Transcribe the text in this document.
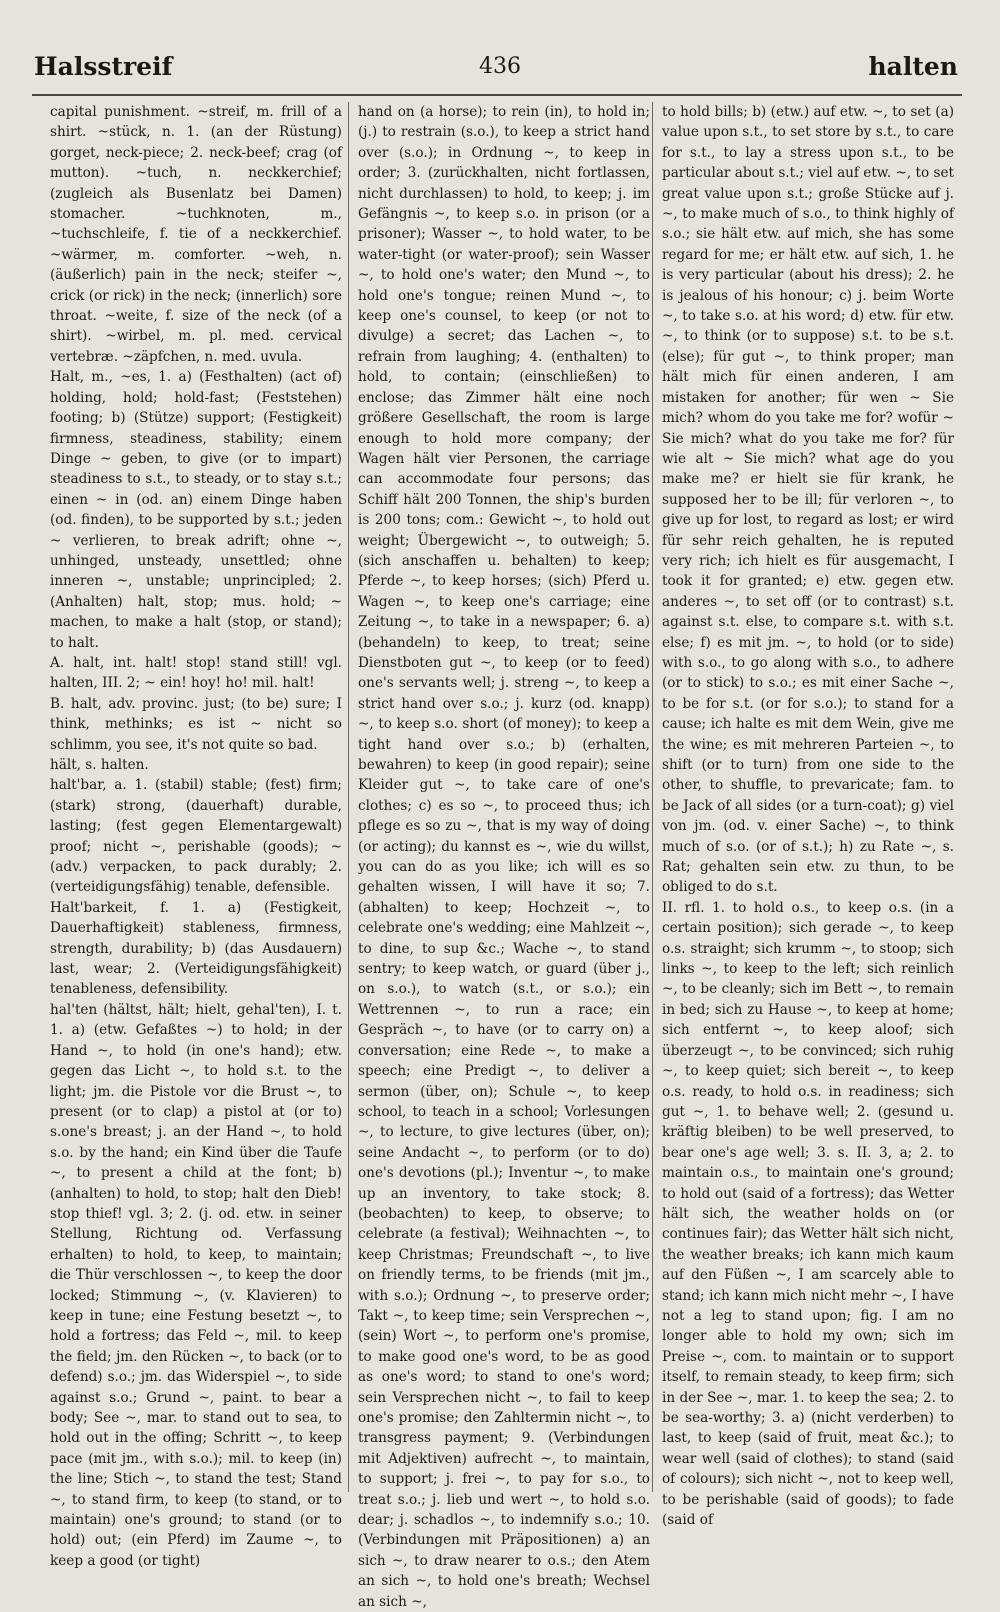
Halsstreif	436	halten

capital punishment. ~streif, m. frill of a shirt. ~stück, n. 1. (an der Rüstung) gorget, neck-piece; 2. neck-beef; crag (of mutton). ~tuch, n. neckkerchief; (zugleich als Busenlatz bei Damen) stomacher. ~tuchknoten, m., ~tuchschleife, f. tie of a neckkerchief. ~wärmer, m. comforter. ~weh, n. (äußerlich) pain in the neck; steifer ~, crick (or rick) in the neck; (innerlich) sore throat. ~weite, f. size of the neck (of a shirt). ~wirbel, m. pl. med. cervical vertebræ. ~zäpfchen, n. med. uvula.

Halt, m., ~es, 1. a) (Festhalten) (act of) holding, hold; hold-fast; (Feststehen) footing; b) (Stütze) support; (Festigkeit) firmness, steadiness, stability; einem Dinge ~ geben, to give (or to impart) steadiness to s.t., to steady, or to stay s.t.; einen ~ in (od. an) einem Dinge haben (od. finden), to be supported by s.t.; jeden ~ verlieren, to break adrift; ohne ~, unhinged, unsteady, unsettled; ohne inneren ~, unstable; unprincipled; 2. (Anhalten) halt, stop; mus. hold; ~ machen, to make a halt (stop, or stand); to halt.

A. halt, int. halt! stop! stand still! vgl. halten, III. 2; ~ ein! hoy! ho! mil. halt!

B. halt, adv. provinc. just; (to be) sure; I think, methinks; es ist ~ nicht so schlimm, you see, it's not quite so bad.

hält, s. halten.

halt'bar, a. 1. (stabil) stable; (fest) firm; (stark) strong, (dauerhaft) durable, lasting; (fest gegen Elementargewalt) proof; nicht ~, perishable (goods); ~ (adv.) verpacken, to pack durably; 2. (verteidigungsfähig) tenable, defensible.

Halt'barkeit, f. 1. a) (Festigkeit, Dauerhaftigkeit) stableness, firmness, strength, durability; b) (das Ausdauern) last, wear; 2. (Verteidigungsfähigkeit) tenableness, defensibility.

hal'ten (hältst, hält; hielt, gehal'ten), I. t. 1. a) (etw. Gefaßtes ~) to hold; in der Hand ~, to hold (in one's hand); etw. gegen das Licht ~, to hold s.t. to the light; jm. die Pistole vor die Brust ~, to present (or to clap) a pistol at (or to) s.one's breast; j. an der Hand ~, to hold s.o. by the hand; ein Kind über die Taufe ~, to present a child at the font; b) (anhalten) to hold, to stop; halt den Dieb! stop thief! vgl. 3; 2. (j. od. etw. in seiner Stellung, Richtung od. Verfassung erhalten) to hold, to keep, to maintain; die Thür verschlossen ~, to keep the door locked; Stimmung ~, (v. Klavieren) to keep in tune; eine Festung besetzt ~, to hold a fortress; das Feld ~, mil. to keep the field; jm. den Rücken ~, to back (or to defend) s.o.; jm. das Widerspiel ~, to side against s.o.; Grund ~, paint. to bear a body; See ~, mar. to stand out to sea, to hold out in the offing; Schritt ~, to keep pace (mit jm., with s.o.); mil. to keep (in) the line; Stich ~, to stand the test; Stand ~, to stand firm, to keep (to stand, or to maintain) one's ground; to stand (or to hold) out; (ein Pferd) im Zaume ~, to keep a good (or tight)

hand on (a horse); to rein (in), to hold in; (j.) to restrain (s.o.), to keep a strict hand over (s.o.); in Ordnung ~, to keep in order; 3. (zurückhalten, nicht fortlassen, nicht durchlassen) to hold, to keep; j. im Gefängnis ~, to keep s.o. in prison (or a prisoner); Wasser ~, to hold water, to be water-tight (or water-proof); sein Wasser ~, to hold one's water; den Mund ~, to hold one's tongue; reinen Mund ~, to keep one's counsel, to keep (or not to divulge) a secret; das Lachen ~, to refrain from laughing; 4. (enthalten) to hold, to contain; (einschließen) to enclose; das Zimmer hält eine noch größere Gesellschaft, the room is large enough to hold more company; der Wagen hält vier Personen, the carriage can accommodate four persons; das Schiff hält 200 Tonnen, the ship's burden is 200 tons; com.: Gewicht ~, to hold out weight; Übergewicht ~, to outweigh; 5. (sich anschaffen u. behalten) to keep; Pferde ~, to keep horses; (sich) Pferd u. Wagen ~, to keep one's carriage; eine Zeitung ~, to take in a newspaper; 6. a) (behandeln) to keep, to treat; seine Dienstboten gut ~, to keep (or to feed) one's servants well; j. streng ~, to keep a strict hand over s.o.; j. kurz (od. knapp) ~, to keep s.o. short (of money); to keep a tight hand over s.o.; b) (erhalten, bewahren) to keep (in good repair); seine Kleider gut ~, to take care of one's clothes; c) es so ~, to proceed thus; ich pflege es so zu ~, that is my way of doing (or acting); du kannst es ~, wie du willst, you can do as you like; ich will es so gehalten wissen, I will have it so; 7. (abhalten) to keep; Hochzeit ~, to celebrate one's wedding; eine Mahlzeit ~, to dine, to sup &c.; Wache ~, to stand sentry; to keep watch, or guard (über j., on s.o.), to watch (s.t., or s.o.); ein Wettrennen ~, to run a race; ein Gespräch ~, to have (or to carry on) a conversation; eine Rede ~, to make a speech; eine Predigt ~, to deliver a sermon (über, on); Schule ~, to keep school, to teach in a school; Vorlesungen ~, to lecture, to give lectures (über, on); seine Andacht ~, to perform (or to do) one's devotions (pl.); Inventur ~, to make up an inventory, to take stock; 8. (beobachten) to keep, to observe; to celebrate (a festival); Weihnachten ~, to keep Christmas; Freundschaft ~, to live on friendly terms, to be friends (mit jm., with s.o.); Ordnung ~, to preserve order; Takt ~, to keep time; sein Versprechen ~, (sein) Wort ~, to perform one's promise, to make good one's word, to be as good as one's word; to stand to one's word; sein Versprechen nicht ~, to fail to keep one's promise; den Zahltermin nicht ~, to transgress payment; 9. (Verbindungen mit Adjektiven) aufrecht ~, to maintain, to support; j. frei ~, to pay for s.o., to treat s.o.; j. lieb und wert ~, to hold s.o. dear; j. schadlos ~, to indemnify s.o.; 10. (Verbindungen mit Präpositionen) a) an sich ~, to draw nearer to o.s.; den Atem an sich ~, to hold one's breath; Wechsel an sich ~,

to hold bills; b) (etw.) auf etw. ~, to set (a) value upon s.t., to set store by s.t., to care for s.t., to lay a stress upon s.t., to be particular about s.t.; viel auf etw. ~, to set great value upon s.t.; große Stücke auf j. ~, to make much of s.o., to think highly of s.o.; sie hält etw. auf mich, she has some regard for me; er hält etw. auf sich, 1. he is very particular (about his dress); 2. he is jealous of his honour; c) j. beim Worte ~, to take s.o. at his word; d) etw. für etw. ~, to think (or to suppose) s.t. to be s.t. (else); für gut ~, to think proper; man hält mich für einen anderen, I am mistaken for another; für wen ~ Sie mich? whom do you take me for? wofür ~ Sie mich? what do you take me for? für wie alt ~ Sie mich? what age do you make me? er hielt sie für krank, he supposed her to be ill; für verloren ~, to give up for lost, to regard as lost; er wird für sehr reich gehalten, he is reputed very rich; ich hielt es für ausgemacht, I took it for granted; e) etw. gegen etw. anderes ~, to set off (or to contrast) s.t. against s.t. else, to compare s.t. with s.t. else; f) es mit jm. ~, to hold (or to side) with s.o., to go along with s.o., to adhere (or to stick) to s.o.; es mit einer Sache ~, to be for s.t. (or for s.o.); to stand for a cause; ich halte es mit dem Wein, give me the wine; es mit mehreren Parteien ~, to shift (or to turn) from one side to the other, to shuffle, to prevaricate; fam. to be Jack of all sides (or a turn-coat); g) viel von jm. (od. v. einer Sache) ~, to think much of s.o. (or of s.t.); h) zu Rate ~, s. Rat; gehalten sein etw. zu thun, to be obliged to do s.t.

II. rfl. 1. to hold o.s., to keep o.s. (in a certain position); sich gerade ~, to keep o.s. straight; sich krumm ~, to stoop; sich links ~, to keep to the left; sich reinlich ~, to be cleanly; sich im Bett ~, to remain in bed; sich zu Hause ~, to keep at home; sich entfernt ~, to keep aloof; sich überzeugt ~, to be convinced; sich ruhig ~, to keep quiet; sich bereit ~, to keep o.s. ready, to hold o.s. in readiness; sich gut ~, 1. to behave well; 2. (gesund u. kräftig bleiben) to be well preserved, to bear one's age well; 3. s. II. 3, a; 2. to maintain o.s., to maintain one's ground; to hold out (said of a fortress); das Wetter hält sich, the weather holds on (or continues fair); das Wetter hält sich nicht, the weather breaks; ich kann mich kaum auf den Füßen ~, I am scarcely able to stand; ich kann mich nicht mehr ~, I have not a leg to stand upon; fig. I am no longer able to hold my own; sich im Preise ~, com. to maintain or to support itself, to remain steady, to keep firm; sich in der See ~, mar. 1. to keep the sea; 2. to be sea-worthy; 3. a) (nicht verderben) to last, to keep (said of fruit, meat &c.); to wear well (said of clothes); to stand (said of colours); sich nicht ~, not to keep well, to be perishable (said of goods); to fade (said of
